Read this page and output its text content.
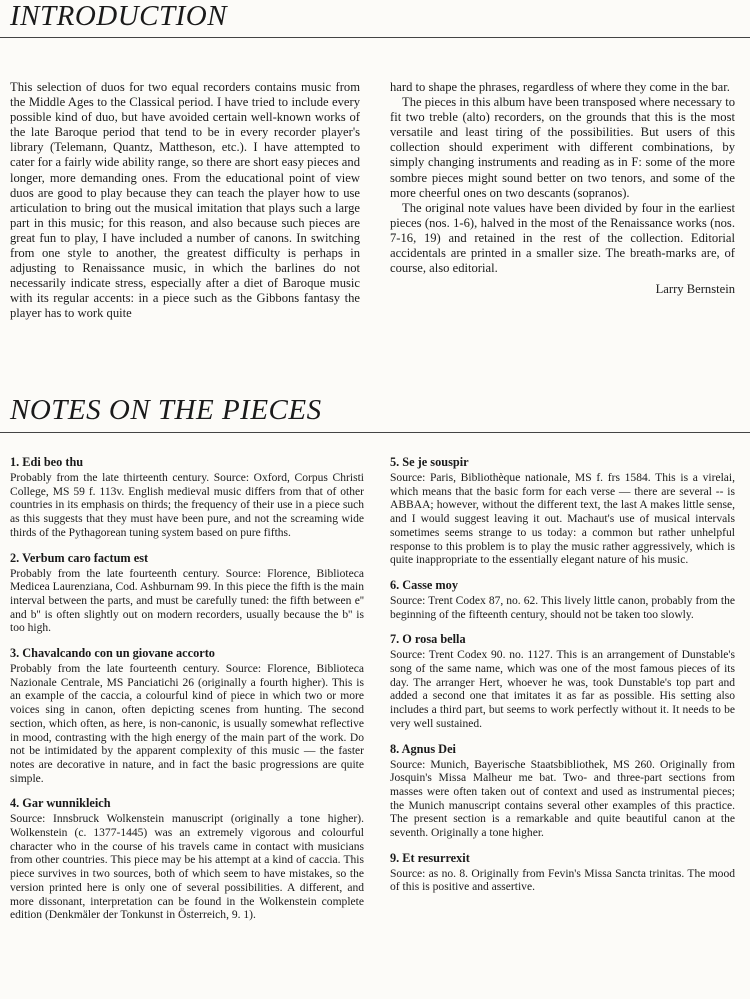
INTRODUCTION

This selection of duos for two equal recorders contains music from the Middle Ages to the Classical period. I have tried to include every possible kind of duo, but have avoided certain well-known works of the late Baroque period that tend to be in every recorder player's library (Telemann, Quantz, Mattheson, etc.). I have attempted to cater for a fairly wide ability range, so there are short easy pieces and longer, more demanding ones. From the educational point of view duos are good to play because they can teach the player how to use articulation to bring out the musical imitation that plays such a large part in this music; for this reason, and also because such pieces are great fun to play, I have included a number of canons. In switching from one style to another, the greatest difficulty is perhaps in adjusting to Renaissance music, in which the barlines do not necessarily indicate stress, especially after a diet of Baroque music with its regular accents: in a piece such as the Gibbons fantasy the player has to work quite

hard to shape the phrases, regardless of where they come in the bar.

The pieces in this album have been transposed where necessary to fit two treble (alto) recorders, on the grounds that this is the most versatile and least tiring of the possibilities. But users of this collection should experiment with different combinations, by simply changing instruments and reading as in F: some of the more sombre pieces might sound better on two tenors, and some of the more cheerful ones on two descants (sopranos).

The original note values have been divided by four in the earliest pieces (nos. 1-6), halved in the most of the Renaissance works (nos. 7-16, 19) and retained in the rest of the collection. Editorial accidentals are printed in a smaller size. The breath-marks are, of course, also editorial.

Larry Bernstein

NOTES ON THE PIECES
1. Edi beo thu

Probably from the late thirteenth century. Source: Oxford, Corpus Christi College, MS 59 f. 113v. English medieval music differs from that of other countries in its emphasis on thirds; the frequency of their use in a piece such as this suggests that they must have been pure, and not the screaming wide thirds of the Pythagorean tuning system based on pure fifths.

2. Verbum caro factum est

Probably from the late fourteenth century. Source: Florence, Biblioteca Medicea Laurenziana, Cod. Ashburnam 99. In this piece the fifth is the main interval between the parts, and must be carefully tuned: the fifth between e'' and b'' is often slightly out on modern recorders, usually because the b'' is too high.

3. Chavalcando con un giovane accorto

Probably from the late fourteenth century. Source: Florence, Biblioteca Nazionale Centrale, MS Panciatichi 26 (originally a fourth higher). This is an example of the caccia, a colourful kind of piece in which two or more voices sing in canon, often depicting scenes from hunting. The second section, which often, as here, is non-canonic, is usually somewhat reflective in mood, contrasting with the high energy of the main part of the work. Do not be intimidated by the apparent complexity of this music — the faster notes are decorative in nature, and in fact the basic progressions are quite simple.

4. Gar wunnikleich

Source: Innsbruck Wolkenstein manuscript (originally a tone higher). Wolkenstein (c. 1377-1445) was an extremely vigorous and colourful character who in the course of his travels came in contact with musicians from other countries. This piece may be his attempt at a kind of caccia. This piece survives in two sources, both of which seem to have mistakes, so the version printed here is only one of several possibilities. A different, and more dissonant, interpretation can be found in the Wolkenstein complete edition (Denkmäler der Tonkunst in Österreich, 9. 1).

5. Se je souspir

Source: Paris, Bibliothèque nationale, MS f. frs 1584. This is a virelai, which means that the basic form for each verse — there are several -- is ABBAA; however, without the different text, the last A makes little sense, and I would suggest leaving it out. Machaut's use of musical intervals sometimes seems strange to us today: a common but rather unhelpful response to this problem is to play the music rather aggressively, which is quite inappropriate to the essentially elegant nature of his music.

6. Casse moy

Source: Trent Codex 87, no. 62. This lively little canon, probably from the beginning of the fifteenth century, should not be taken too slowly.

7. O rosa bella

Source: Trent Codex 90. no. 1127. This is an arrangement of Dunstable's song of the same name, which was one of the most famous pieces of its day. The arranger Hert, whoever he was, took Dunstable's top part and added a second one that imitates it as far as possible. His setting also includes a third part, but seems to work perfectly without it. It needs to be very well sustained.

8. Agnus Dei

Source: Munich, Bayerische Staatsbibliothek, MS 260. Originally from Josquin's Missa Malheur me bat. Two- and three-part sections from masses were often taken out of context and used as instrumental pieces; the Munich manuscript contains several other examples of this practice. The present section is a remarkable and quite beautiful canon at the seventh. Originally a tone higher.

9. Et resurrexit

Source: as no. 8. Originally from Fevin's Missa Sancta trinitas. The mood of this is positive and assertive.
